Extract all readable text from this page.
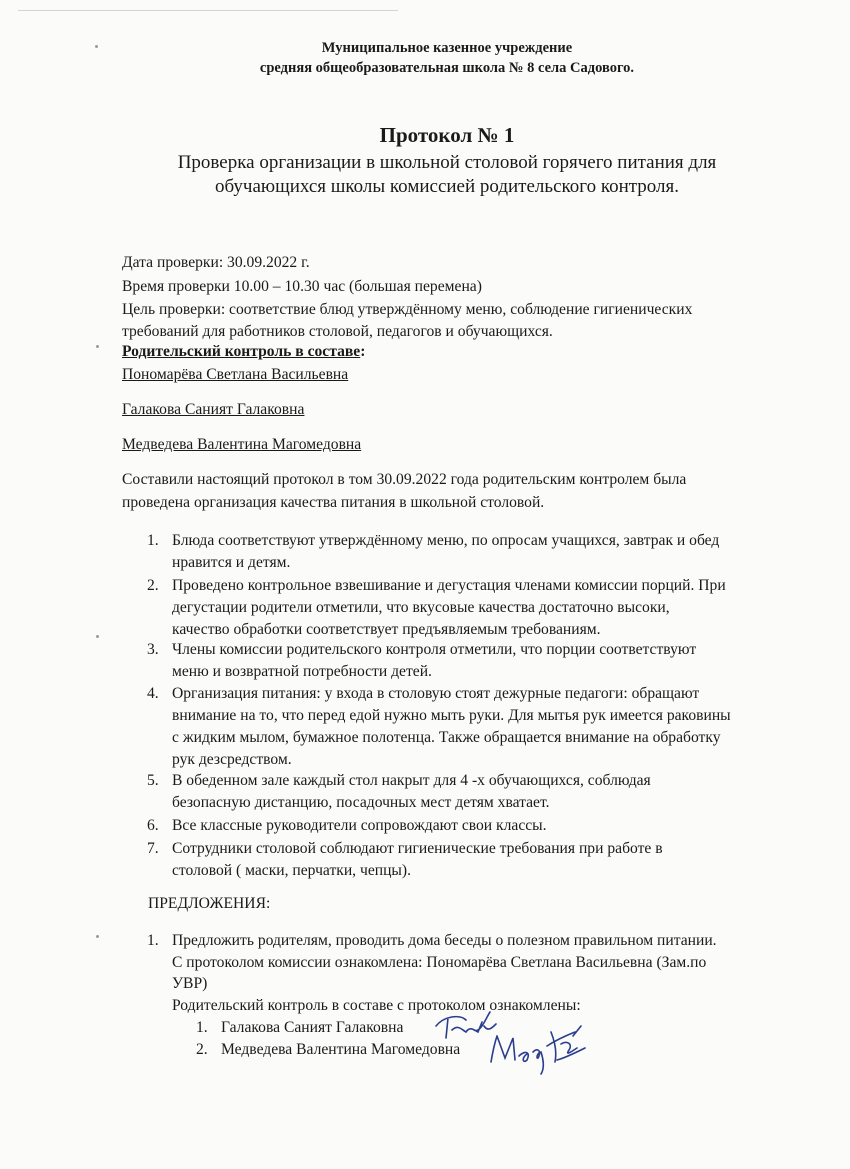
Муниципальное казенное учреждение
средняя общеобразовательная школа № 8 села Садового.
Протокол № 1
Проверка организации в школьной столовой горячего питания для
обучающихся школы комиссией родительского контроля.
Дата проверки: 30.09.2022 г.
Время проверки 10.00 – 10.30 час (большая перемена)
Цель проверки: соответствие блюд утверждённому меню, соблюдение гигиенических
требований для работников столовой, педагогов и обучающихся.
Родительский контроль в составе:
Пономарёва Светлана Васильевна
Галакова Саният Галаковна
Медведева Валентина Магомедовна
Составили настоящий протокол в том 30.09.2022 года родительским контролем была
проведена организация качества питания в школьной столовой.
1. Блюда соответствуют утверждённому меню, по опросам учащихся, завтрак и обед
нравится и детям.
2. Проведено контрольное взвешивание и дегустация членами комиссии порций. При
дегустации родители отметили, что вкусовые качества достаточно высоки,
качество обработки соответствует предъявляемым требованиям.
3. Члены комиссии родительского контроля отметили, что порции соответствуют
меню и возвратной потребности детей.
4. Организация питания: у входа в столовую стоят дежурные педагоги: обращают
внимание на то, что перед едой нужно мыть руки. Для мытья рук имеется раковины
с жидким мылом, бумажное полотенца. Также обращается внимание на обработку
рук дезсредством.
5. В обеденном зале каждый стол накрыт для 4 -х обучающихся, соблюдая
безопасную дистанцию, посадочных мест детям хватает.
6. Все классные руководители сопровождают свои классы.
7. Сотрудники столовой соблюдают гигиенические требования при работе в
столовой ( маски, перчатки, чепцы).
ПРЕДЛОЖЕНИЯ:
1. Предложить родителям, проводить дома беседы о полезном правильном питании.
С протоколом комиссии ознакомлена: Пономарёва Светлана Васильевна (Зам.по
УВР)
Родительский контроль в составе с протоколом ознакомлены:
1. Галакова Саният Галаковна
2. Медведева Валентина Магомедовна
